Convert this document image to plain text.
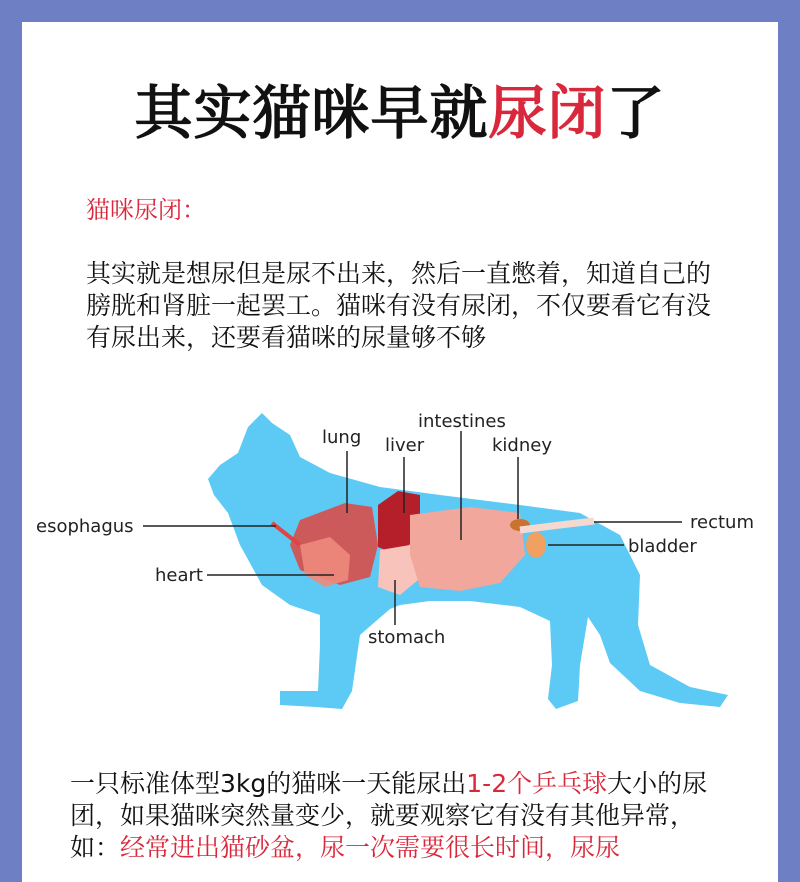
其实猫咪早就尿闭了

猫咪尿闭：

其实就是想尿但是尿不出来，然后一直憋着，知道自己的膀胱和肾脏一起罢工。猫咪有没有尿闭，不仅要看它有没有尿出来，还要看猫咪的尿量够不够

intestines
lung liver	kidney
esophagus	rectum
bladder
heart
stomach

一只标准体型3kg的猫咪一天能尿出1-2个乒乓球大小的尿团，如果猫咪突然量变少，就要观察它有没有其他异常，如：经常进出猫砂盆，尿一次需要很长时间，尿尿
